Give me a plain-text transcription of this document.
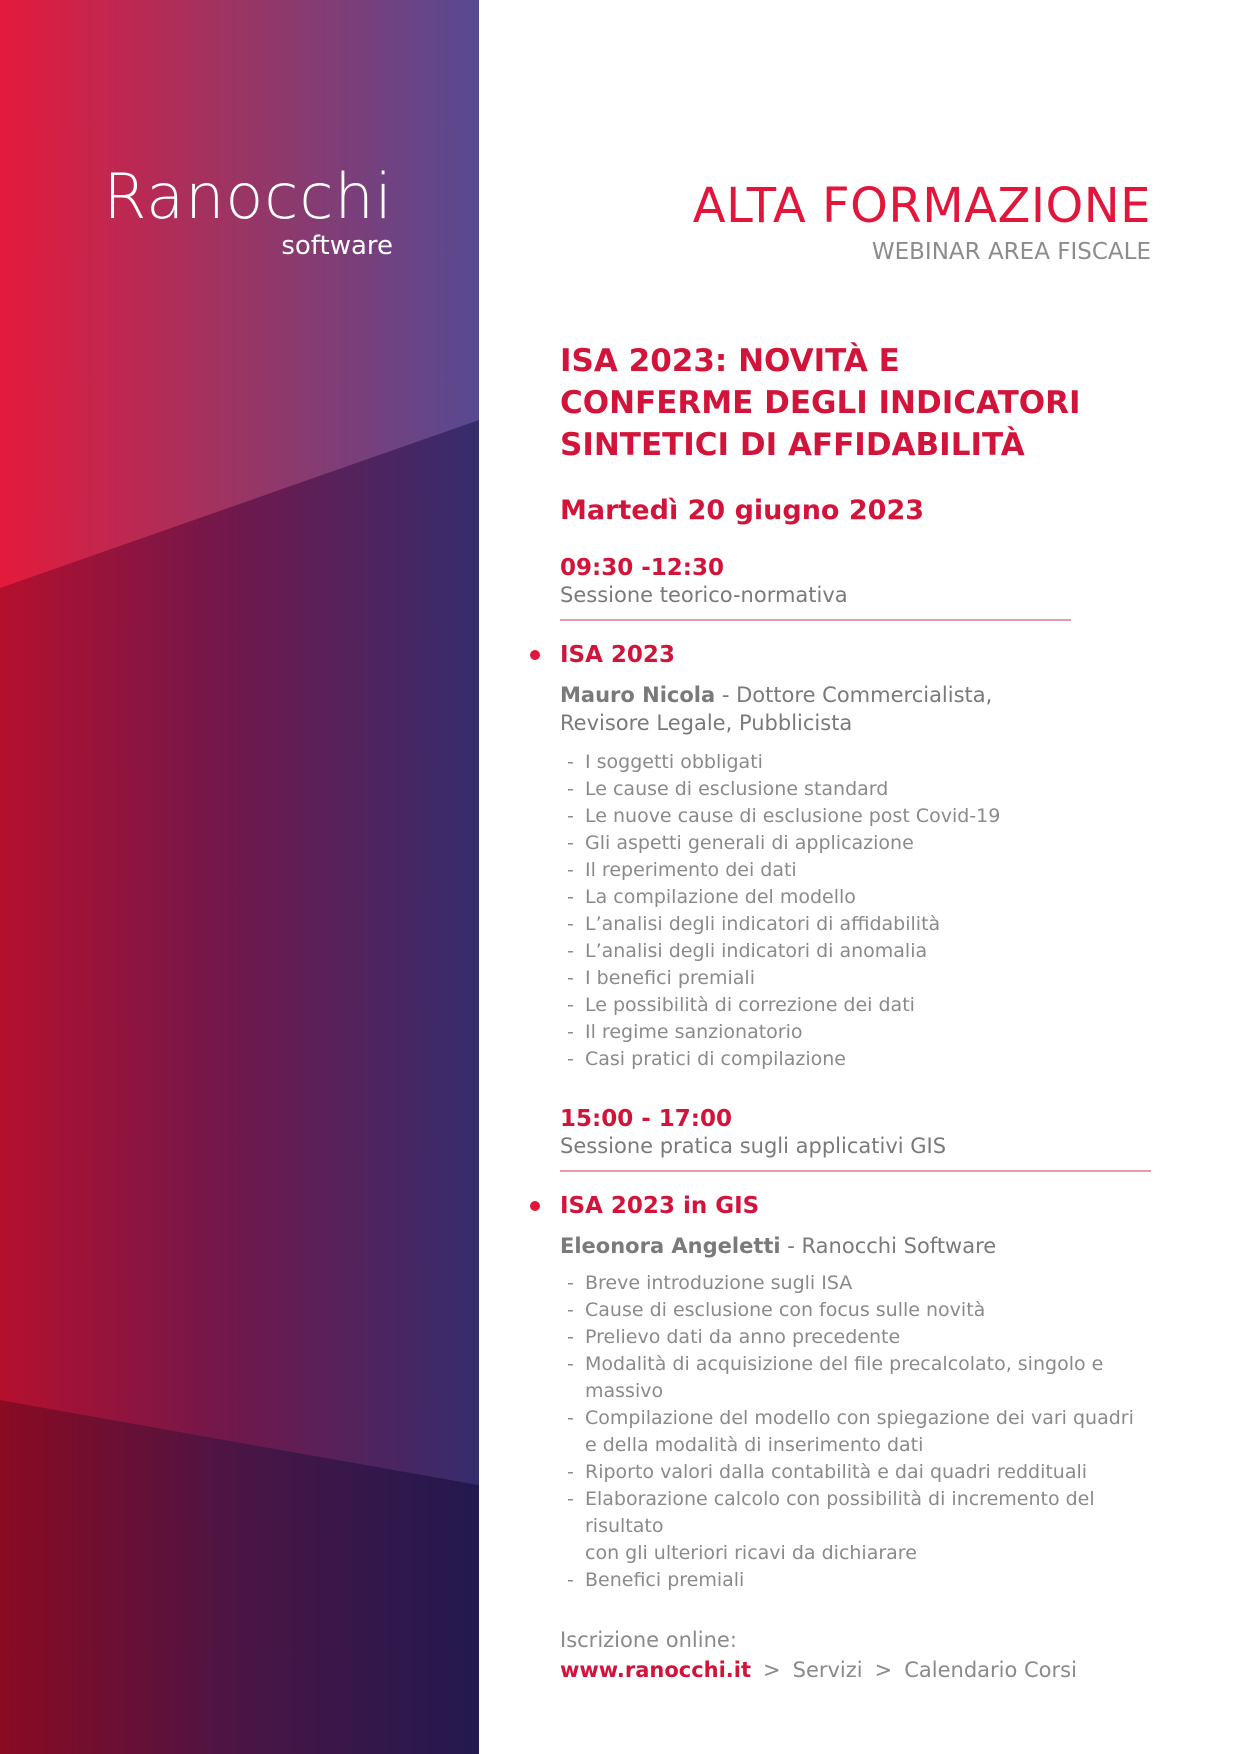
Ranocchi
software
ALTA FORMAZIONE
WEBINAR AREA FISCALE
ISA 2023: NOVITÀ E CONFERME DEGLI INDICATORI SINTETICI DI AFFIDABILITÀ
Martedì 20 giugno 2023
09:30 -12:30
Sessione teorico-normativa
ISA 2023
Mauro Nicola - Dottore Commercialista,
Revisore Legale, Pubblicista
- I soggetti obbligati
- Le cause di esclusione standard
- Le nuove cause di esclusione post Covid-19
- Gli aspetti generali di applicazione
- Il reperimento dei dati
- La compilazione del modello
- L’analisi degli indicatori di affidabilità
- L’analisi degli indicatori di anomalia
- I benefici premiali
- Le possibilità di correzione dei dati
- Il regime sanzionatorio
- Casi pratici di compilazione
15:00 - 17:00
Sessione pratica sugli applicativi GIS
ISA 2023 in GIS
Eleonora Angeletti - Ranocchi Software
- Breve introduzione sugli ISA
- Cause di esclusione con focus sulle novità
- Prelievo dati da anno precedente
- Modalità di acquisizione del file precalcolato, singolo e massivo
- Compilazione del modello con spiegazione dei vari quadri
e della modalità di inserimento dati
- Riporto valori dalla contabilità e dai quadri reddituali
- Elaborazione calcolo con possibilità di incremento del risultato
con gli ulteriori ricavi da dichiarare
- Benefici premiali
Iscrizione online:
www.ranocchi.it > Servizi > Calendario Corsi
